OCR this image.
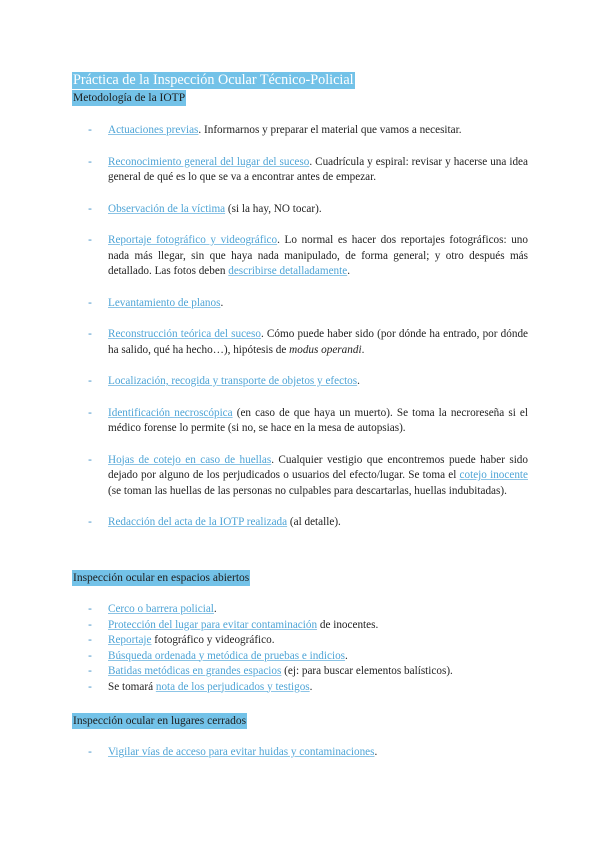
Práctica de la Inspección Ocular Técnico-Policial
Metodología de la IOTP
-	Actuaciones previas. Informarnos y preparar el material que vamos a necesitar.
-	Reconocimiento general del lugar del suceso. Cuadrícula y espiral: revisar y hacerse una idea general de qué es lo que se va a encontrar antes de empezar.
-	Observación de la víctima (si la hay, NO tocar).
-	Reportaje fotográfico y videográfico. Lo normal es hacer dos reportajes fotográficos: uno nada más llegar, sin que haya nada manipulado, de forma general; y otro después más detallado. Las fotos deben describirse detalladamente.
-	Levantamiento de planos.
-	Reconstrucción teórica del suceso. Cómo puede haber sido (por dónde ha entrado, por dónde ha salido, qué ha hecho…), hipótesis de modus operandi.
-	Localización, recogida y transporte de objetos y efectos.
-	Identificación necroscópica (en caso de que haya un muerto). Se toma la necroreseña si el médico forense lo permite (si no, se hace en la mesa de autopsias).
-	Hojas de cotejo en caso de huellas. Cualquier vestigio que encontremos puede haber sido dejado por alguno de los perjudicados o usuarios del efecto/lugar. Se toma el cotejo inocente (se toman las huellas de las personas no culpables para descartarlas, huellas indubitadas).
-	Redacción del acta de la IOTP realizada (al detalle).
Inspección ocular en espacios abiertos
-	Cerco o barrera policial.
-	Protección del lugar para evitar contaminación de inocentes.
-	Reportaje fotográfico y videográfico.
-	Búsqueda ordenada y metódica de pruebas e indicios.
-	Batidas metódicas en grandes espacios (ej: para buscar elementos balísticos).
-	Se tomará nota de los perjudicados y testigos.
Inspección ocular en lugares cerrados
-	Vigilar vías de acceso para evitar huidas y contaminaciones.
